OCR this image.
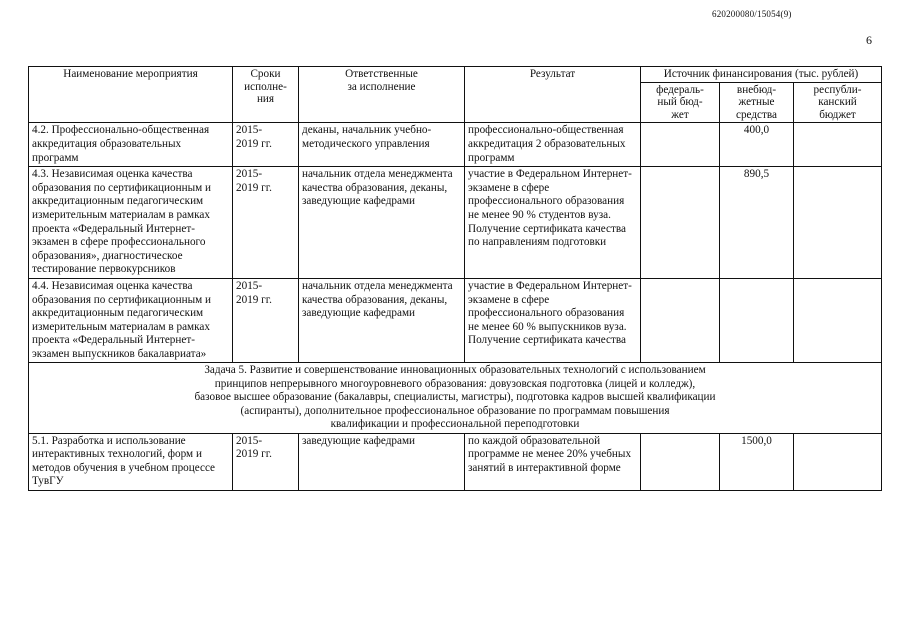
620200080/15054(9)
6
Наименование мероприятия	Сроки
исполне-
ния	Ответственные
за исполнение	Результат	Источник финансирования (тыс. рублей)		
				федераль-
ный бюд-
жет	внебюд-
жетные
средства	республи-
канский
бюджет
4.2. Профессионально-общественная аккредитация образовательных программ	2015-
2019 гг.	деканы, начальник учебно-методического управления	профессионально-общественная аккредитация 2 образовательных программ		400,0	
4.3. Независимая оценка качества образования по сертификационным и аккредитационным педагогическим измерительным материалам в рамках проекта «Федеральный Интернет-экзамен в сфере профессионального образования», диагностическое тестирование первокурсников	2015-
2019 гг.	начальник отдела менеджмента качества образования, деканы, заведующие кафедрами	участие в Федеральном Интернет-экзамене в сфере профессионального образования не менее 90 % студентов вуза.
Получение сертификата качества по направлениям подготовки		890,5	
4.4. Независимая оценка качества образования по сертификационным и аккредитационным педагогическим измерительным материалам в рамках проекта «Федеральный Интернет-экзамен выпускников бакалавриата»	2015-
2019 гг.	начальник отдела менеджмента качества образования, деканы, заведующие кафедрами	участие в Федеральном Интернет-экзамене в сфере профессионального образования не менее 60 % выпускников вуза.
Получение сертификата качества			
Задача 5. Развитие и совершенствование инновационных образовательных технологий с использованием
принципов непрерывного многоуровневого образования: довузовская подготовка (лицей и колледж),
базовое высшее образование (бакалавры, специалисты, магистры), подготовка кадров высшей квалификации
(аспиранты), дополнительное профессиональное образование по программам повышения
квалификации и профессиональной переподготовки						
5.1. Разработка и использование интерактивных технологий, форм и методов обучения в учебном процессе ТувГУ	2015-
2019 гг.	заведующие кафедрами	по каждой образовательной программе не менее 20% учебных занятий в интерактивной форме		1500,0	
